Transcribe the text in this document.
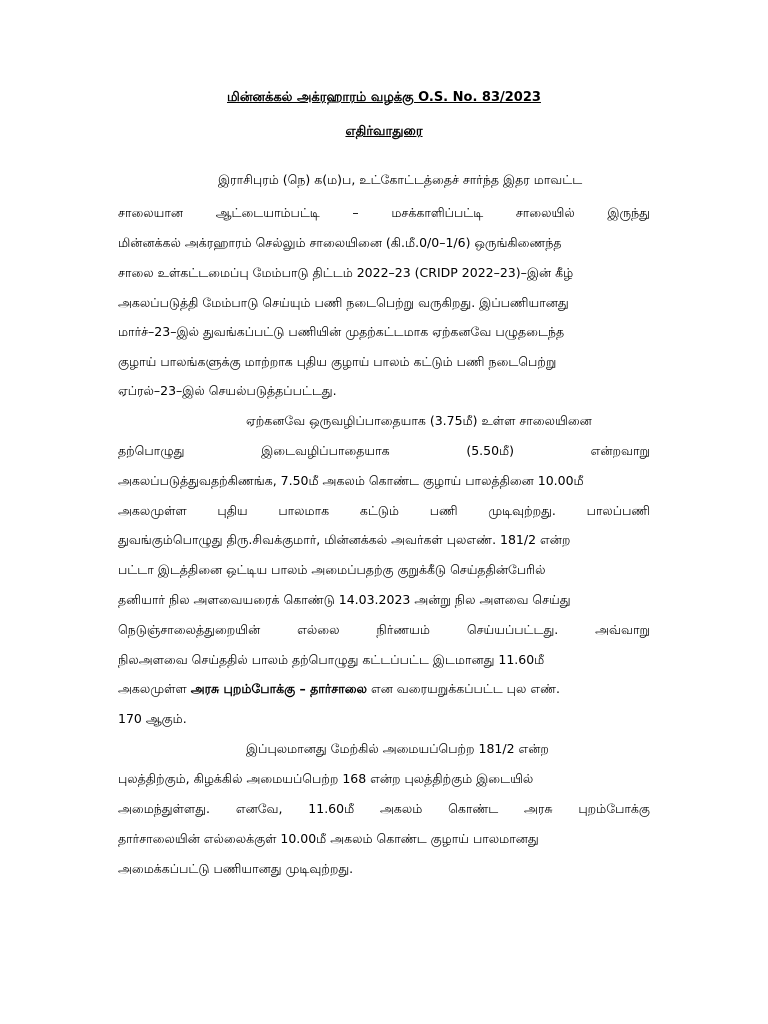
மின்னக்கல் அக்ரஹாரம் வழக்கு O.S. No. 83/2023
எதிர்வாதுரை
இராசிபுரம் (நெ) க(ம)ப, உட்கோட்டத்தைச் சார்ந்த இதர மாவட்ட
சாலையான	ஆட்டையாம்பட்டி	–	மசக்காளிப்பட்டி	சாலையில்	இருந்து
மின்னக்கல் அக்ரஹாரம் செல்லும் சாலையினை (கி.மீ.0/0–1/6) ஒருங்கிணைந்த
சாலை உள்கட்டமைப்பு மேம்பாடு திட்டம் 2022–23 (CRIDP 2022–23)–இன் கீழ்
அகலப்படுத்தி மேம்பாடு செய்யும் பணி நடைபெற்று வருகிறது. இப்பணியானது
மார்ச்–23–இல் துவங்கப்பட்டு பணியின் முதற்கட்டமாக ஏற்கனவே பழுதடைந்த
குழாய் பாலங்களுக்கு மாற்றாக புதிய குழாய் பாலம் கட்டும் பணி நடைபெற்று
ஏப்ரல்–23–இல் செயல்படுத்தப்பட்டது.
ஏற்கனவே ஒருவழிப்பாதையாக (3.75மீ) உள்ள சாலையினை
தற்பொழுது	இடைவழிப்பாதையாக	(5.50மீ)	என்றவாறு
அகலப்படுத்துவதற்கிணங்க, 7.50மீ அகலம் கொண்ட குழாய் பாலத்தினை 10.00மீ
அகலமுள்ள புதிய பாலமாக கட்டும் பணி முடிவுற்றது. பாலப்பணி
துவங்கும்பொழுது திரு.சிவக்குமார், மின்னக்கல் அவர்கள் புலஎண். 181/2 என்ற
பட்டா இடத்தினை ஒட்டிய பாலம் அமைப்பதற்கு குறுக்கீடு செய்ததின்பேரில்
தனியார் நில அளவையரைக் கொண்டு 14.03.2023 அன்று நில அளவை செய்து
நெடுஞ்சாலைத்துறையின்	எல்லை	நிர்ணயம்	செய்யப்பட்டது.	அவ்வாறு
நிலஅளவை செய்ததில் பாலம் தற்பொழுது கட்டப்பட்ட இடமானது 11.60மீ
அகலமுள்ள அரசு புறம்போக்கு – தார்சாலை என வரையறுக்கப்பட்ட புல எண்.
170 ஆகும்.
இப்புலமானது மேற்கில் அமையப்பெற்ற 181/2 என்ற
புலத்திற்கும், கிழக்கில் அமையப்பெற்ற 168 என்ற புலத்திற்கும் இடையில்
அமைந்துள்ளது. எனவே, 11.60மீ அகலம் கொண்ட அரசு புறம்போக்கு
தார்சாலையின் எல்லைக்குள் 10.00மீ அகலம் கொண்ட குழாய் பாலமானது
அமைக்கப்பட்டு பணியானது முடிவுற்றது.
